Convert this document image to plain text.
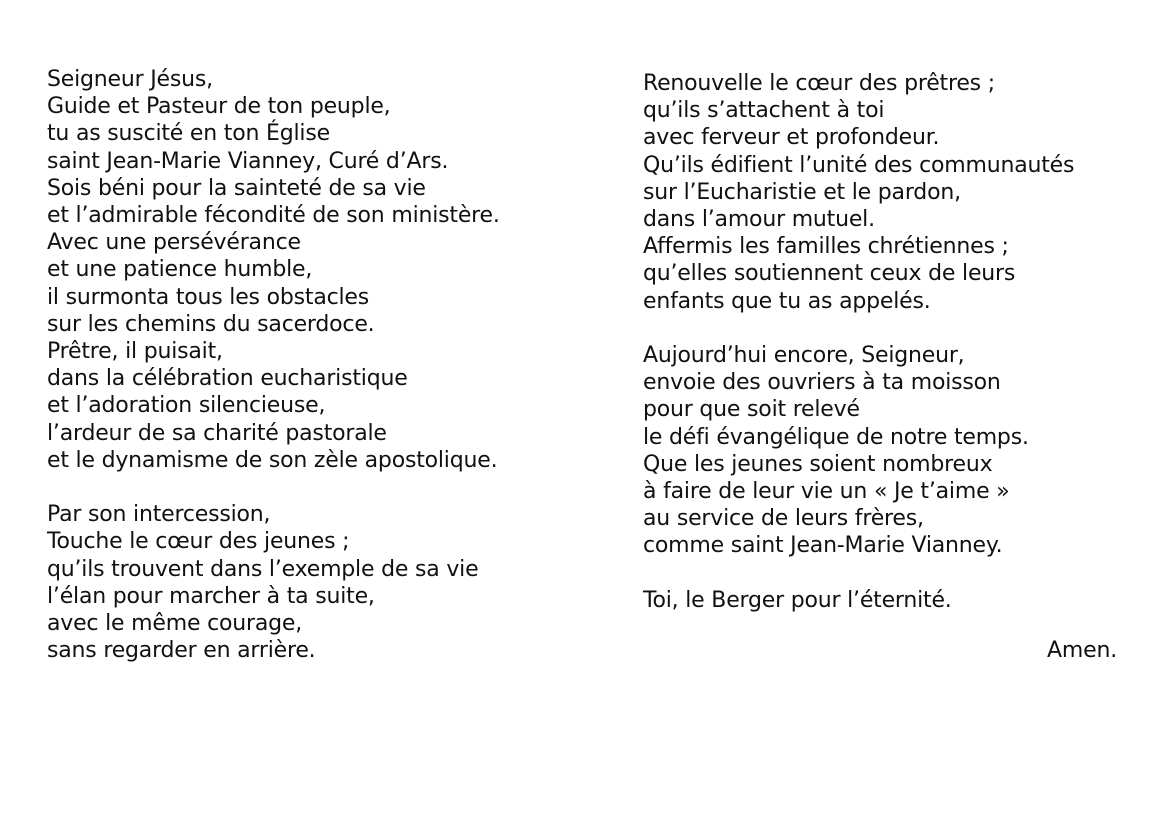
Seigneur Jésus,
Guide et Pasteur de ton peuple,
tu as suscité en ton Église
saint Jean-Marie Vianney, Curé d’Ars.
Sois béni pour la sainteté de sa vie
et l’admirable fécondité de son ministère.
Avec une persévérance
et une patience humble,
il surmonta tous les obstacles
sur les chemins du sacerdoce.
Prêtre, il puisait,
dans la célébration eucharistique
et l’adoration silencieuse,
l’ardeur de sa charité pastorale
et le dynamisme de son zèle apostolique.
Par son intercession,
Touche le cœur des jeunes ;
qu’ils trouvent dans l’exemple de sa vie
l’élan pour marcher à ta suite,
avec le même courage,
sans regarder en arrière.
Renouvelle le cœur des prêtres ;
qu’ils s’attachent à toi
avec ferveur et profondeur.
Qu’ils édifient l’unité des communautés
sur l’Eucharistie et le pardon,
dans l’amour mutuel.
Affermis les familles chrétiennes ;
qu’elles soutiennent ceux de leurs
enfants que tu as appelés.
Aujourd’hui encore, Seigneur,
envoie des ouvriers à ta moisson
pour que soit relevé
le défi évangélique de notre temps.
Que les jeunes soient nombreux
à faire de leur vie un « Je t’aime »
au service de leurs frères,
comme saint Jean-Marie Vianney.
Toi, le Berger pour l’éternité.
Amen.
